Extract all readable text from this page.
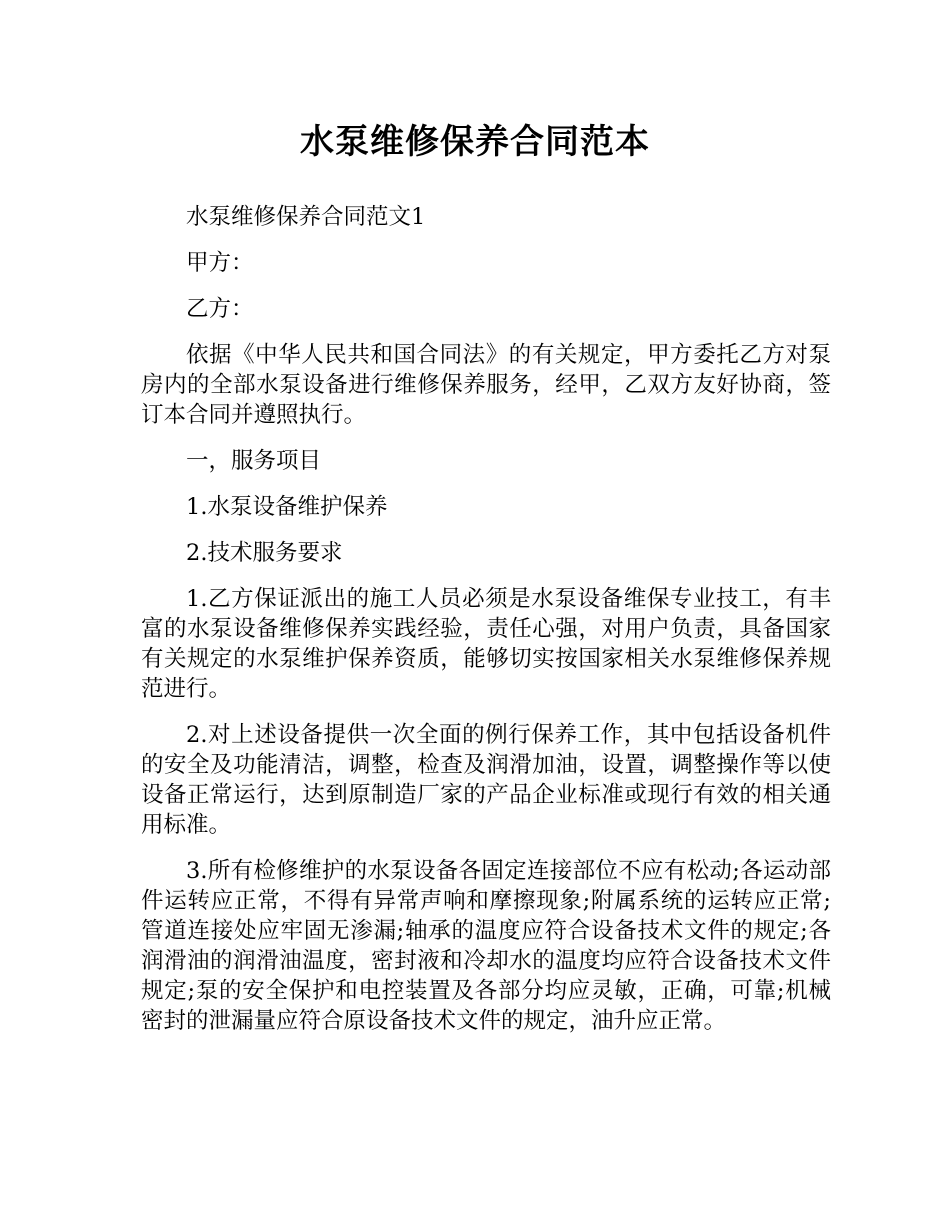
水泵维修保养合同范本

水泵维修保养合同范文1

甲方：

乙方：

依据《中华人民共和国合同法》的有关规定，甲方委托乙方对泵房内的全部水泵设备进行维修保养服务，经甲，乙双方友好协商，签订本合同并遵照执行。

一，服务项目

1.水泵设备维护保养

2.技术服务要求

1.乙方保证派出的施工人员必须是水泵设备维保专业技工，有丰富的水泵设备维修保养实践经验，责任心强，对用户负责，具备国家有关规定的水泵维护保养资质，能够切实按国家相关水泵维修保养规范进行。

2.对上述设备提供一次全面的例行保养工作，其中包括设备机件的安全及功能清洁，调整，检查及润滑加油，设置，调整操作等以使设备正常运行，达到原制造厂家的产品企业标准或现行有效的相关通用标准。

3.所有检修维护的水泵设备各固定连接部位不应有松动;各运动部件运转应正常，不得有异常声响和摩擦现象;附属系统的运转应正常;管道连接处应牢固无渗漏;轴承的温度应符合设备技术文件的规定;各润滑油的润滑油温度，密封液和冷却水的温度均应符合设备技术文件规定;泵的安全保护和电控装置及各部分均应灵敏，正确，可靠;机械密封的泄漏量应符合原设备技术文件的规定，油升应正常。
